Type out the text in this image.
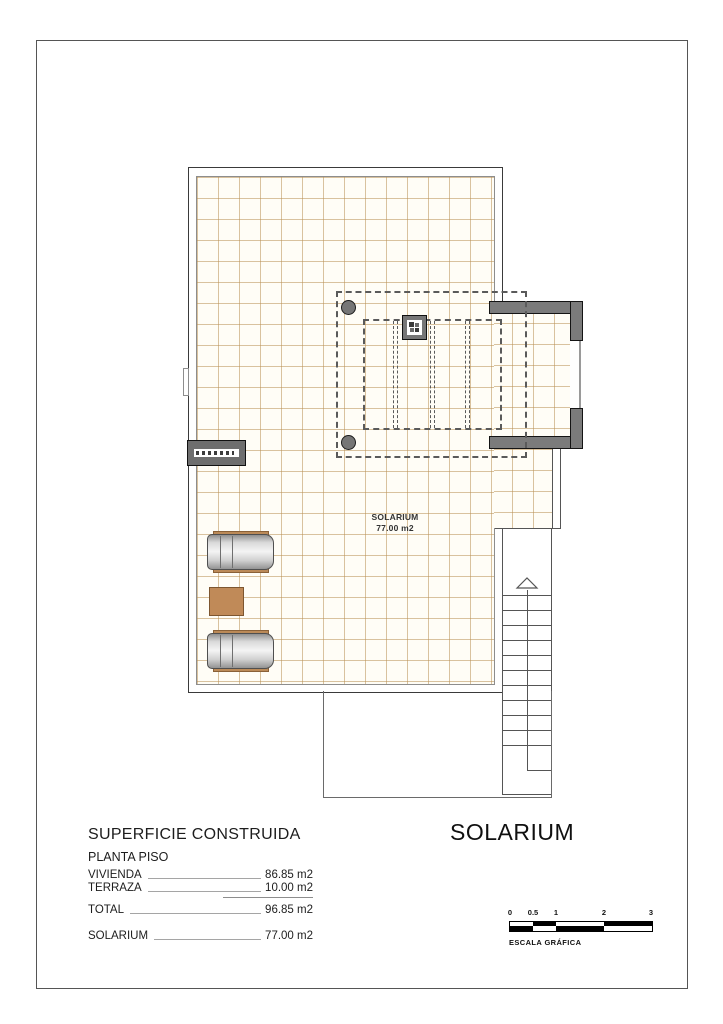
SOLARIUM
77.00 m2
SUPERFICIE CONSTRUIDA
PLANTA PISO
VIVIENDA	86.85 m2
TERRAZA	10.00 m2
TOTAL	96.85 m2
SOLARIUM	77.00 m2
SOLARIUM
0 0.5 1	2	3
ESCALA GRÁFICA
